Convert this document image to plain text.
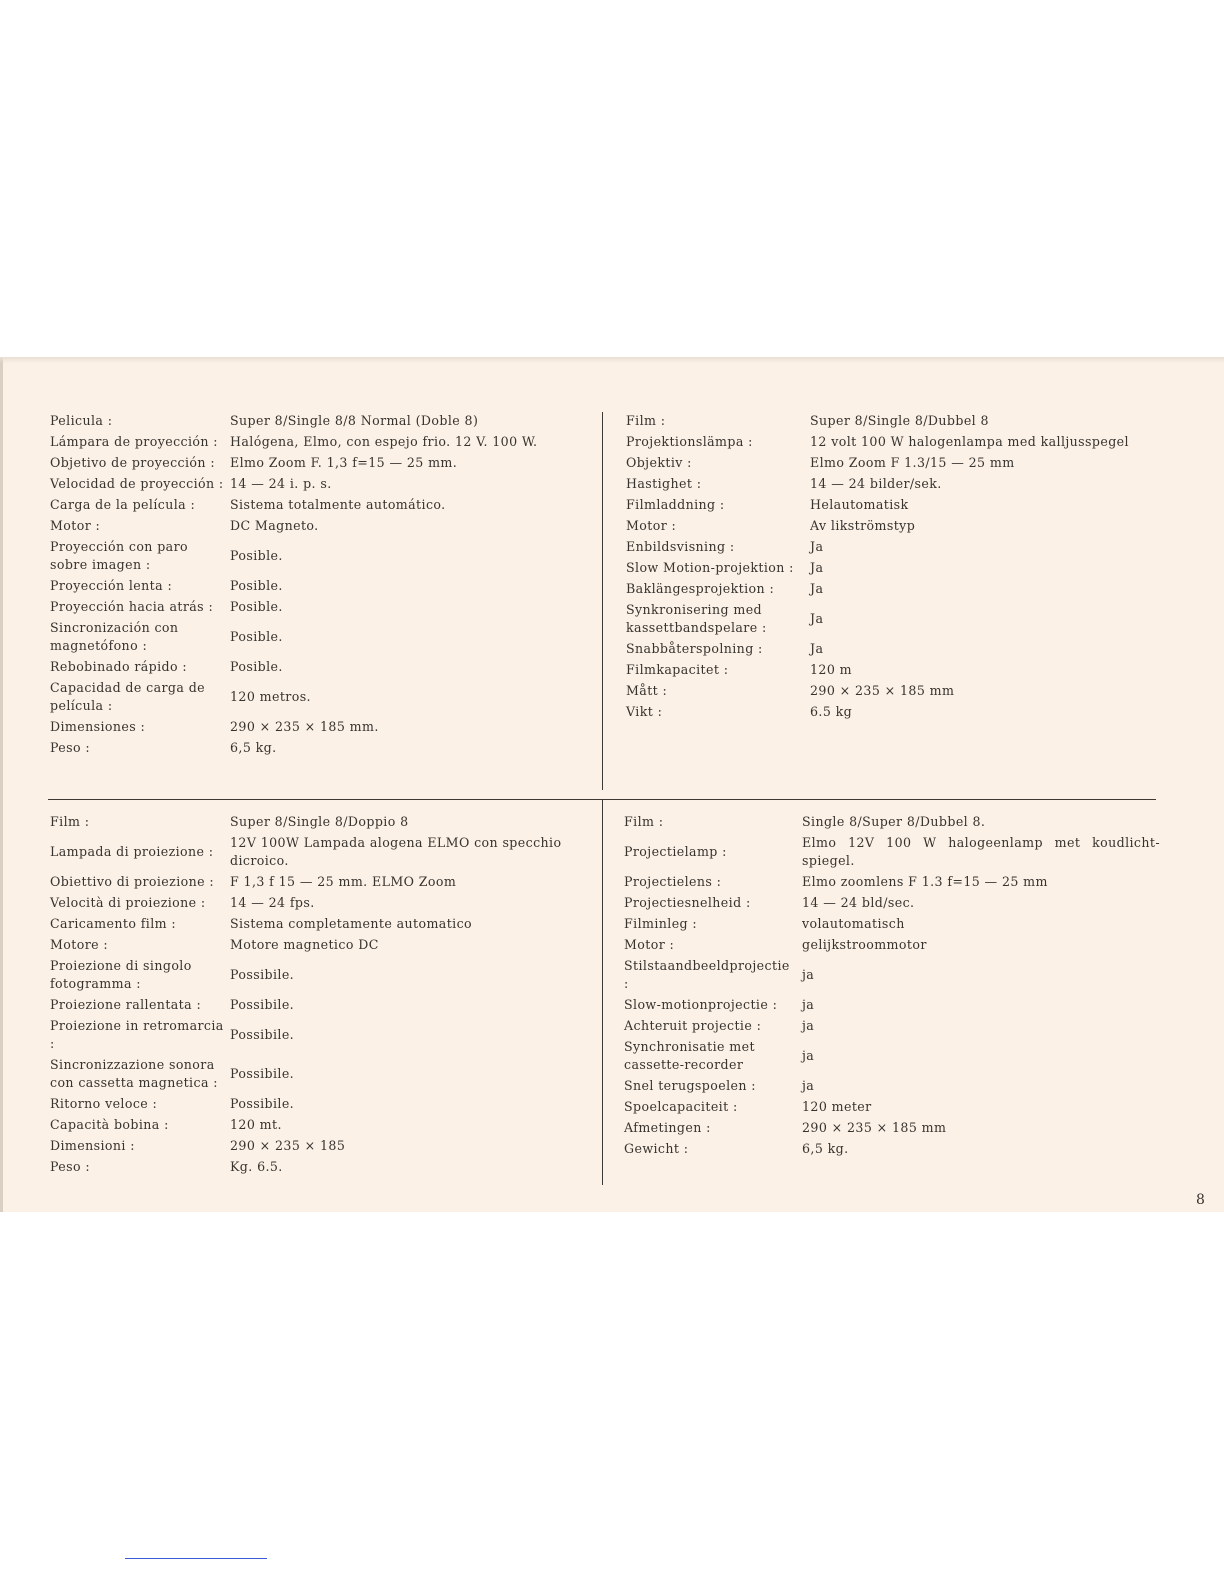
Pelicula :	Super 8/Single 8/8 Normal (Doble 8)
Lámpara de proyección :	Halógena, Elmo, con espejo frio. 12 V. 100 W.
Objetivo de proyección :	Elmo Zoom F. 1,3 f=15 — 25 mm.
Velocidad de proyección :	14 — 24 i. p. s.
Carga de la película :	Sistema totalmente automático.
Motor :	DC Magneto.
Proyección con paro sobre imagen :	Posible.
Proyección lenta :	Posible.
Proyección hacia atrás :	Posible.
Sincronización con magnetófono :	Posible.
Rebobinado rápido :	Posible.
Capacidad de carga de película :	120 metros.
Dimensiones :	290 × 235 × 185 mm.
Peso :	6,5 kg.
Film :	Super 8/Single 8/Dubbel 8
Projektionslämpa :	12 volt 100 W halogenlampa med kalljusspegel
Objektiv :	Elmo Zoom F 1.3/15 — 25 mm
Hastighet :	14 — 24 bilder/sek.
Filmladdning :	Helautomatisk
Motor :	Av likströmstyp
Enbildsvisning :	Ja
Slow Motion-projektion :	Ja
Baklängesprojektion :	Ja
Synkronisering med kassettbandspelare :	Ja
Snabbåterspolning :	Ja
Filmkapacitet :	120 m
Mått :	290 × 235 × 185 mm
Vikt :	6.5 kg
Film :	Super 8/Single 8/Doppio 8
Lampada di proiezione :	12V 100W Lampada alogena ELMO con specchio dicroico.
Obiettivo di proiezione :	F 1,3 f 15 — 25 mm. ELMO Zoom
Velocità di proiezione :	14 — 24 fps.
Caricamento film :	Sistema completamente automatico
Motore :	Motore magnetico DC
Proiezione di singolo fotogramma :	Possibile.
Proiezione rallentata :	Possibile.
Proiezione in retromarcia :	Possibile.
Sincronizzazione sonora con cassetta magnetica :	Possibile.
Ritorno veloce :	Possibile.
Capacità bobina :	120 mt.
Dimensioni :	290 × 235 × 185
Peso :	Kg. 6.5.
Film :	Single 8/Super 8/Dubbel 8.
Projectielamp :	Elmo 12V 100 W halogeenlamp met koudlicht-spiegel.
Projectielens :	Elmo zoomlens F 1.3 f=15 — 25 mm
Projectiesnelheid :	14 — 24 bld/sec.
Filminleg :	volautomatisch
Motor :	gelijkstroommotor
Stilstaandbeeldprojectie :	ja
Slow-motionprojectie :	ja
Achteruit projectie :	ja
Synchronisatie met cassette-recorder	ja
Snel terugspoelen :	ja
Spoelcapaciteit :	120 meter
Afmetingen :	290 × 235 × 185 mm
Gewicht :	6,5 kg.
8
